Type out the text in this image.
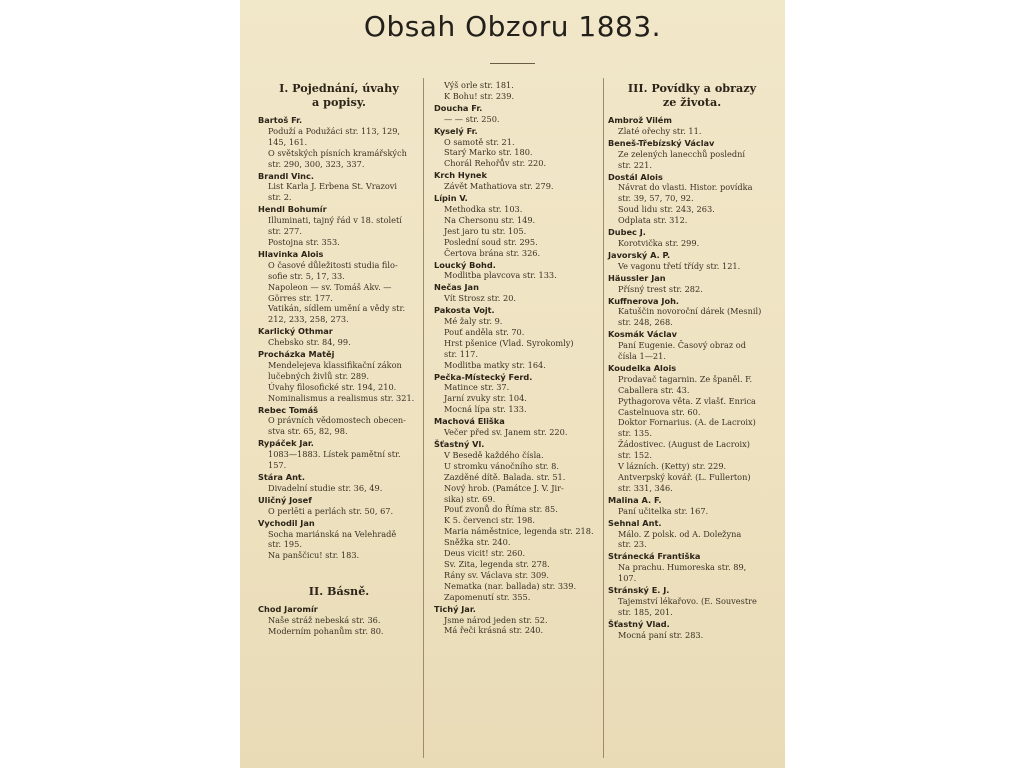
Obsah Obzoru 1883.
I. Pojednání, úvahy
a popisy.
Bartoš Fr.
Poduží a Podužáci str. 113, 129,
145, 161.
O světských písních kramářských
str. 290, 300, 323, 337.
Brandl Vinc.
List Karla J. Erbena St. Vrazovi
str. 2.
Hendl Bohumír
Illuminati, tajný řád v 18. století
str. 277.
Postojna str. 353.
Hlavinka Alois
O časové důležitosti studia filo-
sofie str. 5, 17, 33.
Napoleon — sv. Tomáš Akv. —
Görres str. 177.
Vatikán, sídlem umění a vědy str.
212, 233, 258, 273.
Karlický Othmar
Chebsko str. 84, 99.
Procházka Matěj
Mendelejeva klassifikační zákon
lučebných živlů str. 289.
Úvahy filosofické str. 194, 210.
Nominalismus a realismus str. 321.
Rebec Tomáš
O právních vědomostech obecen-
stva str. 65, 82, 98.
Rypáček Jar.
1083—1883. Lístek pamětní str.
157.
Stára Ant.
Divadelní studie str. 36, 49.
Uličný Josef
O perlēti a perlách str. 50, 67.
Vychodil Jan
Socha mariánská na Velehradě
str. 195.
Na panščicu! str. 183.
II. Básně.
Chod Jaromír
Naše stráž nebeská str. 36.
Moderním pohanům str. 80.
Výš orle str. 181.
K Bohu! str. 239.
Doucha Fr.
— — str. 250.
Kyselý Fr.
O samotě str. 21.
Starý Marko str. 180.
Chorál Rehořův str. 220.
Krch Hynek
Závět Mathatiova str. 279.
Lípin V.
Methodka str. 103.
Na Chersonu str. 149.
Jest jaro tu str. 105.
Poslední soud str. 295.
Čertova brána str. 326.
Loucký Bohd.
Modlitba plavcova str. 133.
Nečas Jan
Vít Strosz str. 20.
Pakosta Vojt.
Mé žaly str. 9.
Pouť anděla str. 70.
Hrst pšenice (Vlad. Syrokomly)
str. 117.
Modlitba matky str. 164.
Pečka-Místecký Ferd.
Matince str. 37.
Jarní zvuky str. 104.
Mocná lípa str. 133.
Machová Eliška
Večer před sv. Janem str. 220.
Šťastný Vl.
V Besedě každého čísla.
U stromku vánočního str. 8.
Zazděné dítě. Balada. str. 51.
Nový hrob. (Památce J. V. Jir-
sika) str. 69.
Pouť zvonů do Říma str. 85.
K 5. červenci str. 198.
Maria náměstnice, legenda str. 218.
Sněžka str. 240.
Deus vicit! str. 260.
Sv. Zita, legenda str. 278.
Rány sv. Václava str. 309.
Nematka (nar. ballada) str. 339.
Zapomenutí str. 355.
Tichý Jar.
Jsme národ jeden str. 52.
Má řeči krásná str. 240.
III. Povídky a obrazy
ze života.
Ambrož Vilém
Zlaté ořechy str. 11.
Beneš-Třebízský Václav
Ze zelených lanecchů poslední
str. 221.
Dostál Alois
Návrat do vlasti. Histor. povídka
str. 39, 57, 70, 92.
Soud lidu str. 243, 263.
Odplata str. 312.
Dubec J.
Korotvička str. 299.
Javorský A. P.
Ve vagonu třetí třídy str. 121.
Häussler Jan
Přísný trest str. 282.
Kuffnerova Joh.
Katuščin novoroční dárek (Mesnil)
str. 248, 268.
Kosmák Václav
Paní Eugenie. Časový obraz od
čísla 1—21.
Koudelka Alois
Prodavač tagarnin. Ze španěl. F.
Caballera str. 43.
Pythagorova věta. Z vlašť. Enrica
Castelnuova str. 60.
Doktor Fornarius. (A. de Lacroix)
str. 135.
Žádostivec. (August de Lacroix)
str. 152.
V lázních. (Ketty) str. 229.
Antverpský kovář. (L. Fullerton)
str. 331, 346.
Malina A. F.
Paní učitelka str. 167.
Sehnal Ant.
Málo. Z polsk. od A. Doležyna
str. 23.
Stránecká Františka
Na prachu. Humoreska str. 89,
107.
Stránský E. J.
Tajemství lékařovo. (E. Souvestre
str. 185, 201.
Šťastný Vlad.
Mocná paní str. 283.
